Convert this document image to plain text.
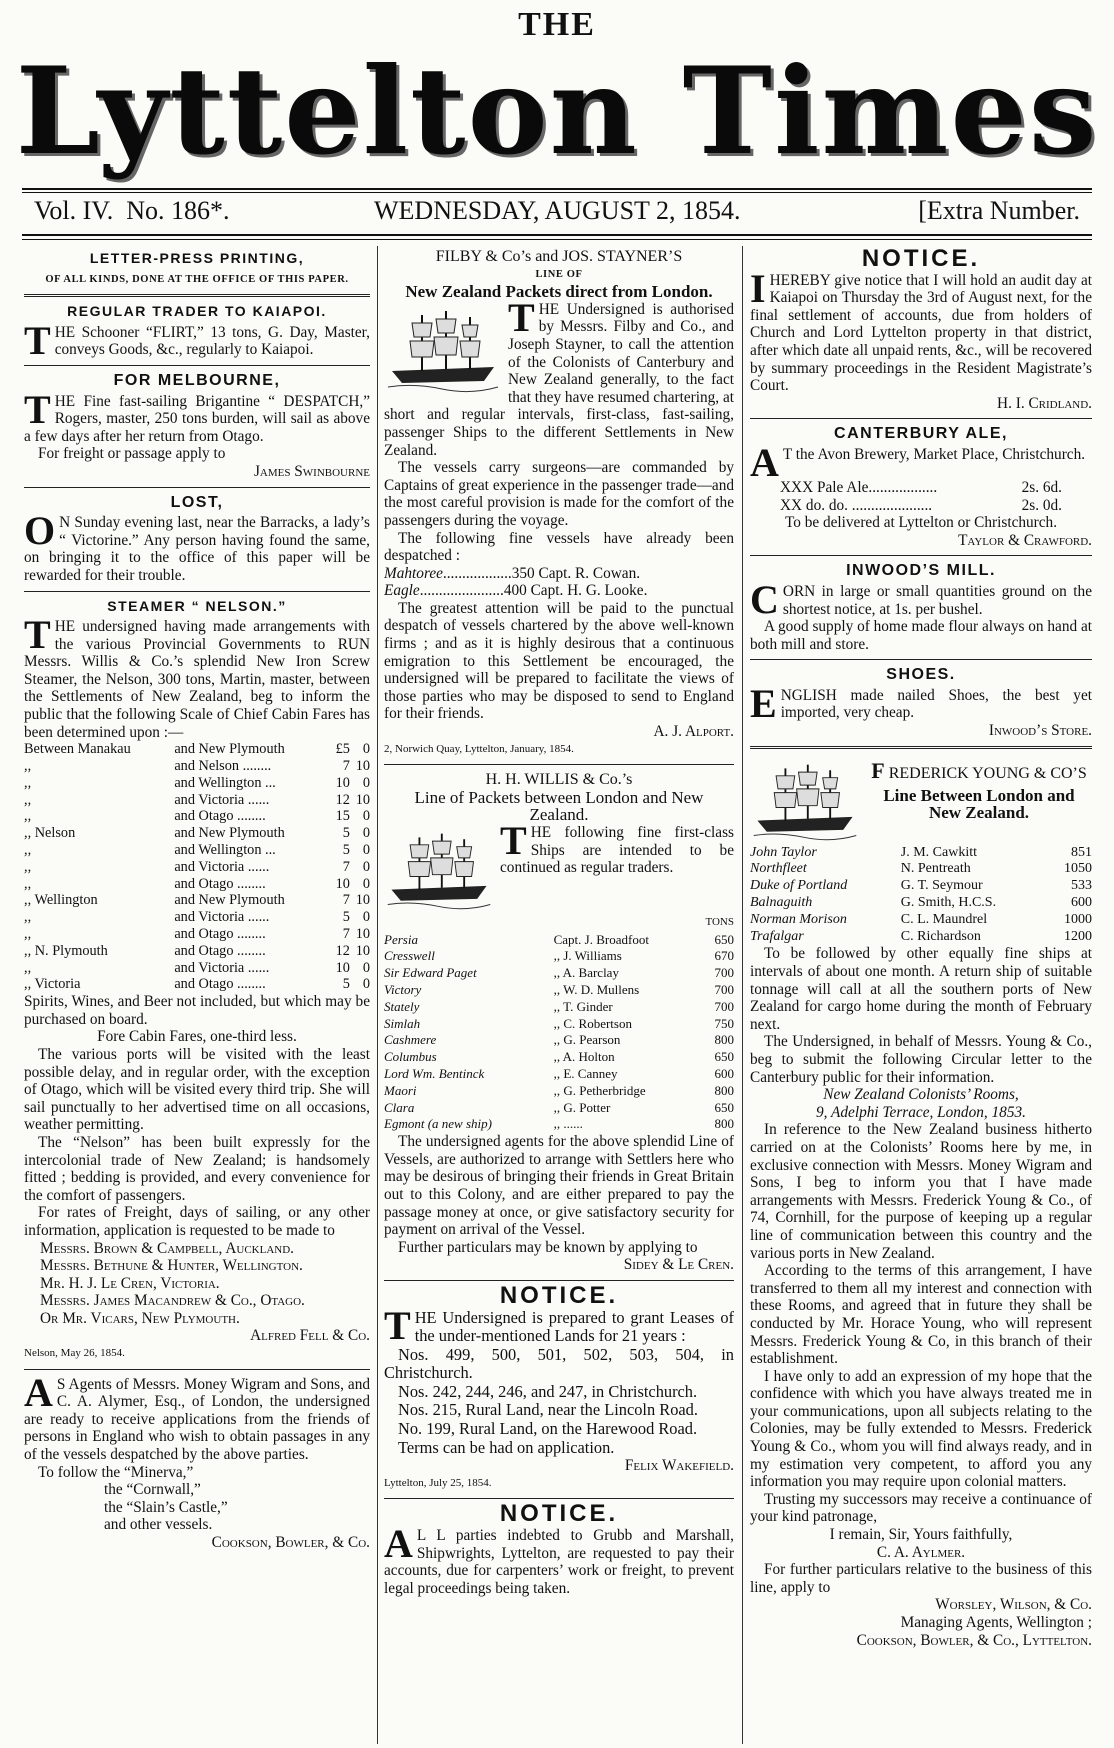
THE
Lyttelton Times
Vol. IV. No. 186*.	WEDNESDAY, AUGUST 2, 1854.	[Extra Number.
LETTER-PRESS PRINTING,
OF ALL KINDS, DONE AT THE OFFICE OF THIS PAPER.
REGULAR TRADER TO KAIAPOI.

THE Schooner “FLIRT,” 13 tons, G. Day, Master, conveys Goods, &c., regularly to Kaiapoi.

FOR MELBOURNE,

THE Fine fast-sailing Brigantine “ DESPATCH,” Rogers, master, 250 tons burden, will sail as above a few days after her return from Otago.

For freight or passage apply to

James Swinbourne

LOST,

O N Sunday evening last, near the Barracks, a lady’s “ Victorine.” Any person having found the same, on bringing it to the office of this paper will be rewarded for their trouble.

STEAMER “ NELSON.”

THE undersigned having made arrangements with the various Provincial Governments to RUN Messrs. Willis & Co.’s splendid New Iron Screw Steamer, the Nelson, 300 tons, Martin, master, between the Settlements of New Zealand, beg to inform the public that the following Scale of Chief Cabin Fares has been determined upon :—

Between Manakau	and New Plymouth	£5	0
,,	and Nelson ........	7	10
,,	and Wellington ...	10	0
,,	and Victoria ......	12	10
,,	and Otago ........	15	0
,, Nelson	and New Plymouth	5	0
,,	and Wellington ...	5	0
,,	and Victoria ......	7	0
,,	and Otago ........	10	0
,, Wellington	and New Plymouth	7	10
,,	and Victoria ......	5	0
,,	and Otago ........	7	10
,, N. Plymouth	and Otago ........	12	10
,,	and Victoria ......	10	0
,, Victoria	and Otago ........	5	0

Spirits, Wines, and Beer not included, but which may be purchased on board.

Fore Cabin Fares, one-third less.

The various ports will be visited with the least possible delay, and in regular order, with the exception of Otago, which will be visited every third trip. She will sail punctually to her advertised time on all occasions, weather permitting.

The “Nelson” has been built expressly for the intercolonial trade of New Zealand; is handsomely fitted ; bedding is provided, and every convenience for the comfort of passengers.

For rates of Freight, days of sailing, or any other information, application is requested to be made to

Messrs. Brown & Campbell, Auckland.

Messrs. Bethune & Hunter, Wellington.

Mr. H. J. Le Cren, Victoria.

Messrs. James Macandrew & Co., Otago.

Or Mr. Vicars, New Plymouth.

Alfred Fell & Co.

Nelson, May 26, 1854.

A S Agents of Messrs. Money Wigram and Sons, and C. A. Alymer, Esq., of London, the undersigned are ready to receive applications from the friends of persons in England who wish to obtain passages in any of the vessels despatched by the above parties.

To follow the “Minerva,”

the “Cornwall,”

the “Slain’s Castle,”

and other vessels.

Cookson, Bowler, & Co.

FILBY & Co’s and JOS. STAYNER’S

LINE OF
New Zealand Packets direct from London.

THE Undersigned is authorised by Messrs. Filby and Co., and Joseph Stayner, to call the attention of the Colonists of Canterbury and New Zealand generally, to the fact that they have resumed chartering, at short and regular intervals, first-class, fast-sailing, passenger Ships to the different Settlements in New Zealand.

The vessels carry surgeons—are commanded by Captains of great experience in the passenger trade—and the most careful provision is made for the comfort of the passengers during the voyage.

The following fine vessels have already been despatched :

Mahtoree..................350 Capt. R. Cowan.

Eagle......................400 Capt. H. G. Looke.

The greatest attention will be paid to the punctual despatch of vessels chartered by the above well-known firms ; and as it is highly desirous that a continuous emigration to this Settlement be encouraged, the undersigned will be prepared to facilitate the views of those parties who may be disposed to send to England for their friends.

A. J. Alport.

2, Norwich Quay, Lyttelton, January, 1854.

H. H. WILLIS & Co.’s

Line of Packets between London and New Zealand.

THE following fine first-class Ships are intended to be continued as regular traders.

TONS

Persia	Capt. J. Broadfoot	650
Cresswell	,, J. Williams	670
Sir Edward Paget	,, A. Barclay	700
Victory	,, W. D. Mullens	700
Stately	,, T. Ginder	700
Simlah	,, C. Robertson	750
Cashmere	,, G. Pearson	800
Columbus	,, A. Holton	650
Lord Wm. Bentinck	,, E. Canney	600
Maori	,, G. Petherbridge	800
Clara	,, G. Potter	650
Egmont (a new ship)	,, ......	800

The undersigned agents for the above splendid Line of Vessels, are authorized to arrange with Settlers here who may be desirous of bringing their friends in Great Britain out to this Colony, and are either prepared to pay the passage money at once, or give satisfactory security for payment on arrival of the Vessel.

Further particulars may be known by applying to

Sidey & Le Cren.

NOTICE.

THE Undersigned is prepared to grant Leases of the under-mentioned Lands for 21 years :

Nos. 499, 500, 501, 502, 503, 504, in Christchurch.

Nos. 242, 244, 246, and 247, in Christchurch.

Nos. 215, Rural Land, near the Lincoln Road.

No. 199, Rural Land, on the Harewood Road.

Terms can be had on application.

Felix Wakefield.

Lyttelton, July 25, 1854.

NOTICE.

A L L parties indebted to Grubb and Marshall, Shipwrights, Lyttelton, are requested to pay their accounts, due for carpenters’ work or freight, to prevent legal proceedings being taken.

NOTICE.

IHEREBY give notice that I will hold an audit day at Kaiapoi on Thursday the 3rd of August next, for the final settlement of accounts, due from holders of Church and Lord Lyttelton property in that district, after which date all unpaid rents, &c., will be recovered by summary proceedings in the Resident Magistrate’s Court.

H. I. Cridland.

CANTERBURY ALE,

A T the Avon Brewery, Market Place, Christchurch.

XXX Pale Ale..................	2s. 6d.

XX do. do. .....................	2s. 0d.

To be delivered at Lyttelton or Christchurch.

Taylor & Crawford.

INWOOD’S MILL.

CORN in large or small quantities ground on the shortest notice, at 1s. per bushel.

A good supply of home made flour always on hand at both mill and store.

SHOES.

ENGLISH made nailed Shoes, the best yet imported, very cheap.

Inwood’s Store.

F REDERICK YOUNG & CO’S

Line Between London and New Zealand.
John Taylor	J. M. Cawkitt	851
Northfleet	N. Pentreath	1050
Duke of Portland	G. T. Seymour	533
Balnaguith	G. Smith, H.C.S.	600
Norman Morison	C. L. Maundrel	1000
Trafalgar	C. Richardson	1200

To be followed by other equally fine ships at intervals of about one month. A return ship of suitable tonnage will call at all the southern ports of New Zealand for cargo home during the month of February next.

The Undersigned, in behalf of Messrs. Young & Co., beg to submit the following Circular letter to the Canterbury public for their information.

New Zealand Colonists’ Rooms,

9, Adelphi Terrace, London, 1853.

In reference to the New Zealand business hitherto carried on at the Colonists’ Rooms here by me, in exclusive connection with Messrs. Money Wigram and Sons, I beg to inform you that I have made arrangements with Messrs. Frederick Young & Co., of 74, Cornhill, for the purpose of keeping up a regular line of communication between this country and the various ports in New Zealand.

According to the terms of this arrangement, I have transferred to them all my interest and connection with these Rooms, and agreed that in future they shall be conducted by Mr. Horace Young, who will represent Messrs. Frederick Young & Co, in this branch of their establishment.

I have only to add an expression of my hope that the confidence with which you have always treated me in your communications, upon all subjects relating to the Colonies, may be fully extended to Messrs. Frederick Young & Co., whom you will find always ready, and in my estimation very competent, to afford you any information you may require upon colonial matters.

Trusting my successors may receive a continuance of your kind patronage,

I remain, Sir, Yours faithfully,

C. A. Aylmer.

For further particulars relative to the business of this line, apply to

Worsley, Wilson, & Co.

Managing Agents, Wellington ;

Cookson, Bowler, & Co., Lyttelton.
